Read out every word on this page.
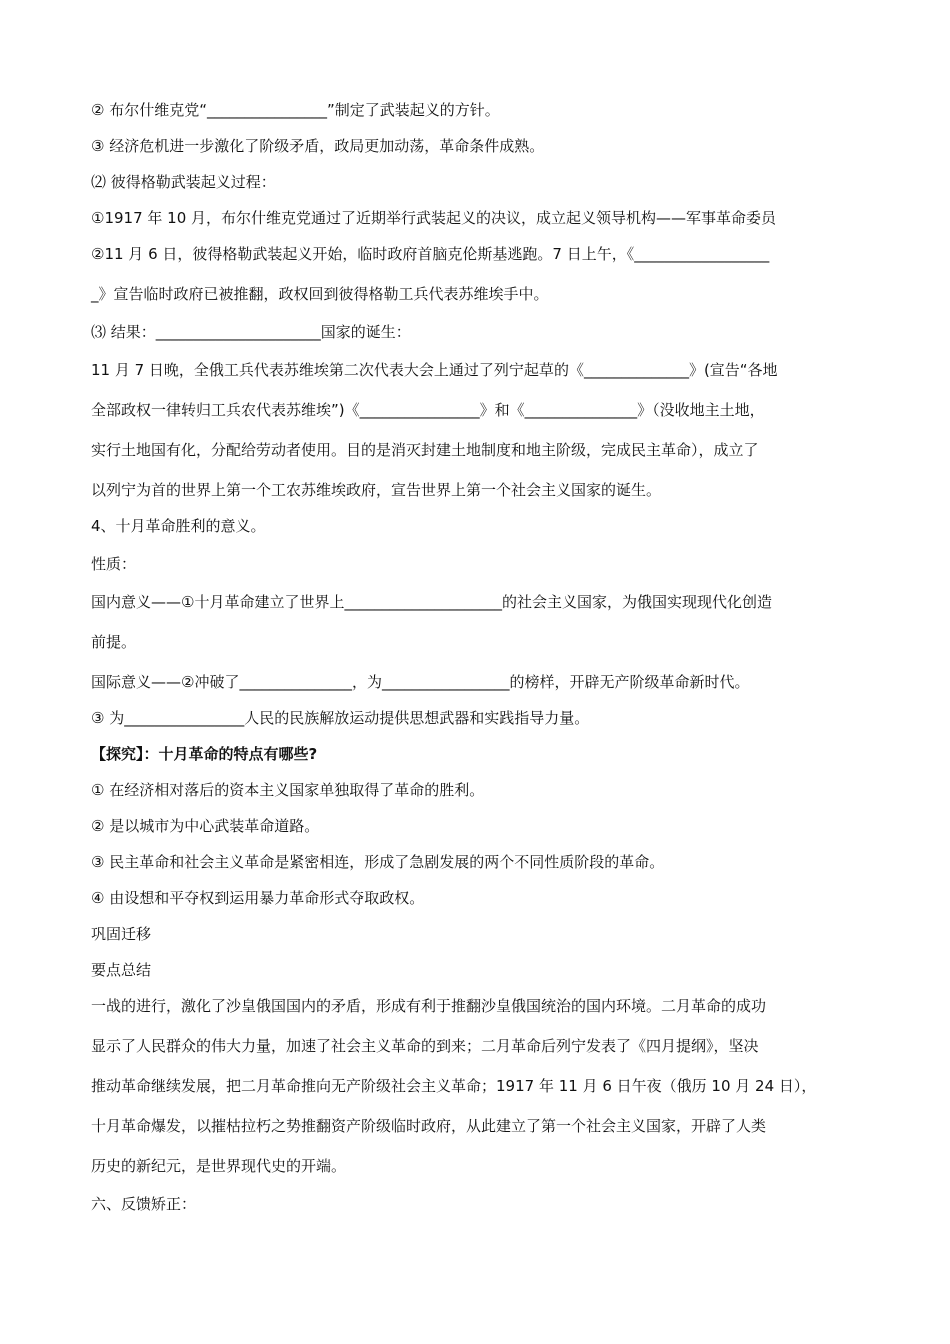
② 布尔什维克党“________________”制定了武装起义的方针。

③ 经济危机进一步激化了阶级矛盾，政局更加动荡，革命条件成熟。

⑵ 彼得格勒武装起义过程：

①1917 年 10 月，布尔什维克党通过了近期举行武装起义的决议，成立起义领导机构——军事革命委员

②11 月 6 日，彼得格勒武装起义开始，临时政府首脑克伦斯基逃跑。7 日上午，《__________________

_》宣告临时政府已被推翻，政权回到彼得格勒工兵代表苏维埃手中。

⑶ 结果：______________________国家的诞生：

11 月 7 日晚，全俄工兵代表苏维埃第二次代表大会上通过了列宁起草的《______________》(宣告“各地

全部政权一律转归工兵农代表苏维埃”)《________________》和《_______________》（没收地主土地，

实行土地国有化，分配给劳动者使用。目的是消灭封建土地制度和地主阶级，完成民主革命），成立了

以列宁为首的世界上第一个工农苏维埃政府，宣告世界上第一个社会主义国家的诞生。

4、十月革命胜利的意义。

性质：

国内意义——①十月革命建立了世界上_____________________的社会主义国家，为俄国实现现代化创造

前提。

国际意义——②冲破了_______________，为_________________的榜样，开辟无产阶级革命新时代。

③ 为________________人民的民族解放运动提供思想武器和实践指导力量。

【探究】：十月革命的特点有哪些?

① 在经济相对落后的资本主义国家单独取得了革命的胜利。

② 是以城市为中心武装革命道路。

③ 民主革命和社会主义革命是紧密相连，形成了急剧发展的两个不同性质阶段的革命。

④ 由设想和平夺权到运用暴力革命形式夺取政权。

巩固迁移

要点总结

一战的进行，激化了沙皇俄国国内的矛盾，形成有利于推翻沙皇俄国统治的国内环境。二月革命的成功

显示了人民群众的伟大力量，加速了社会主义革命的到来；二月革命后列宁发表了《四月提纲》，坚决

推动革命继续发展，把二月革命推向无产阶级社会主义革命；1917 年 11 月 6 日午夜（俄历 10 月 24 日），

十月革命爆发，以摧枯拉朽之势推翻资产阶级临时政府，从此建立了第一个社会主义国家，开辟了人类

历史的新纪元，是世界现代史的开端。

六、反馈矫正：
